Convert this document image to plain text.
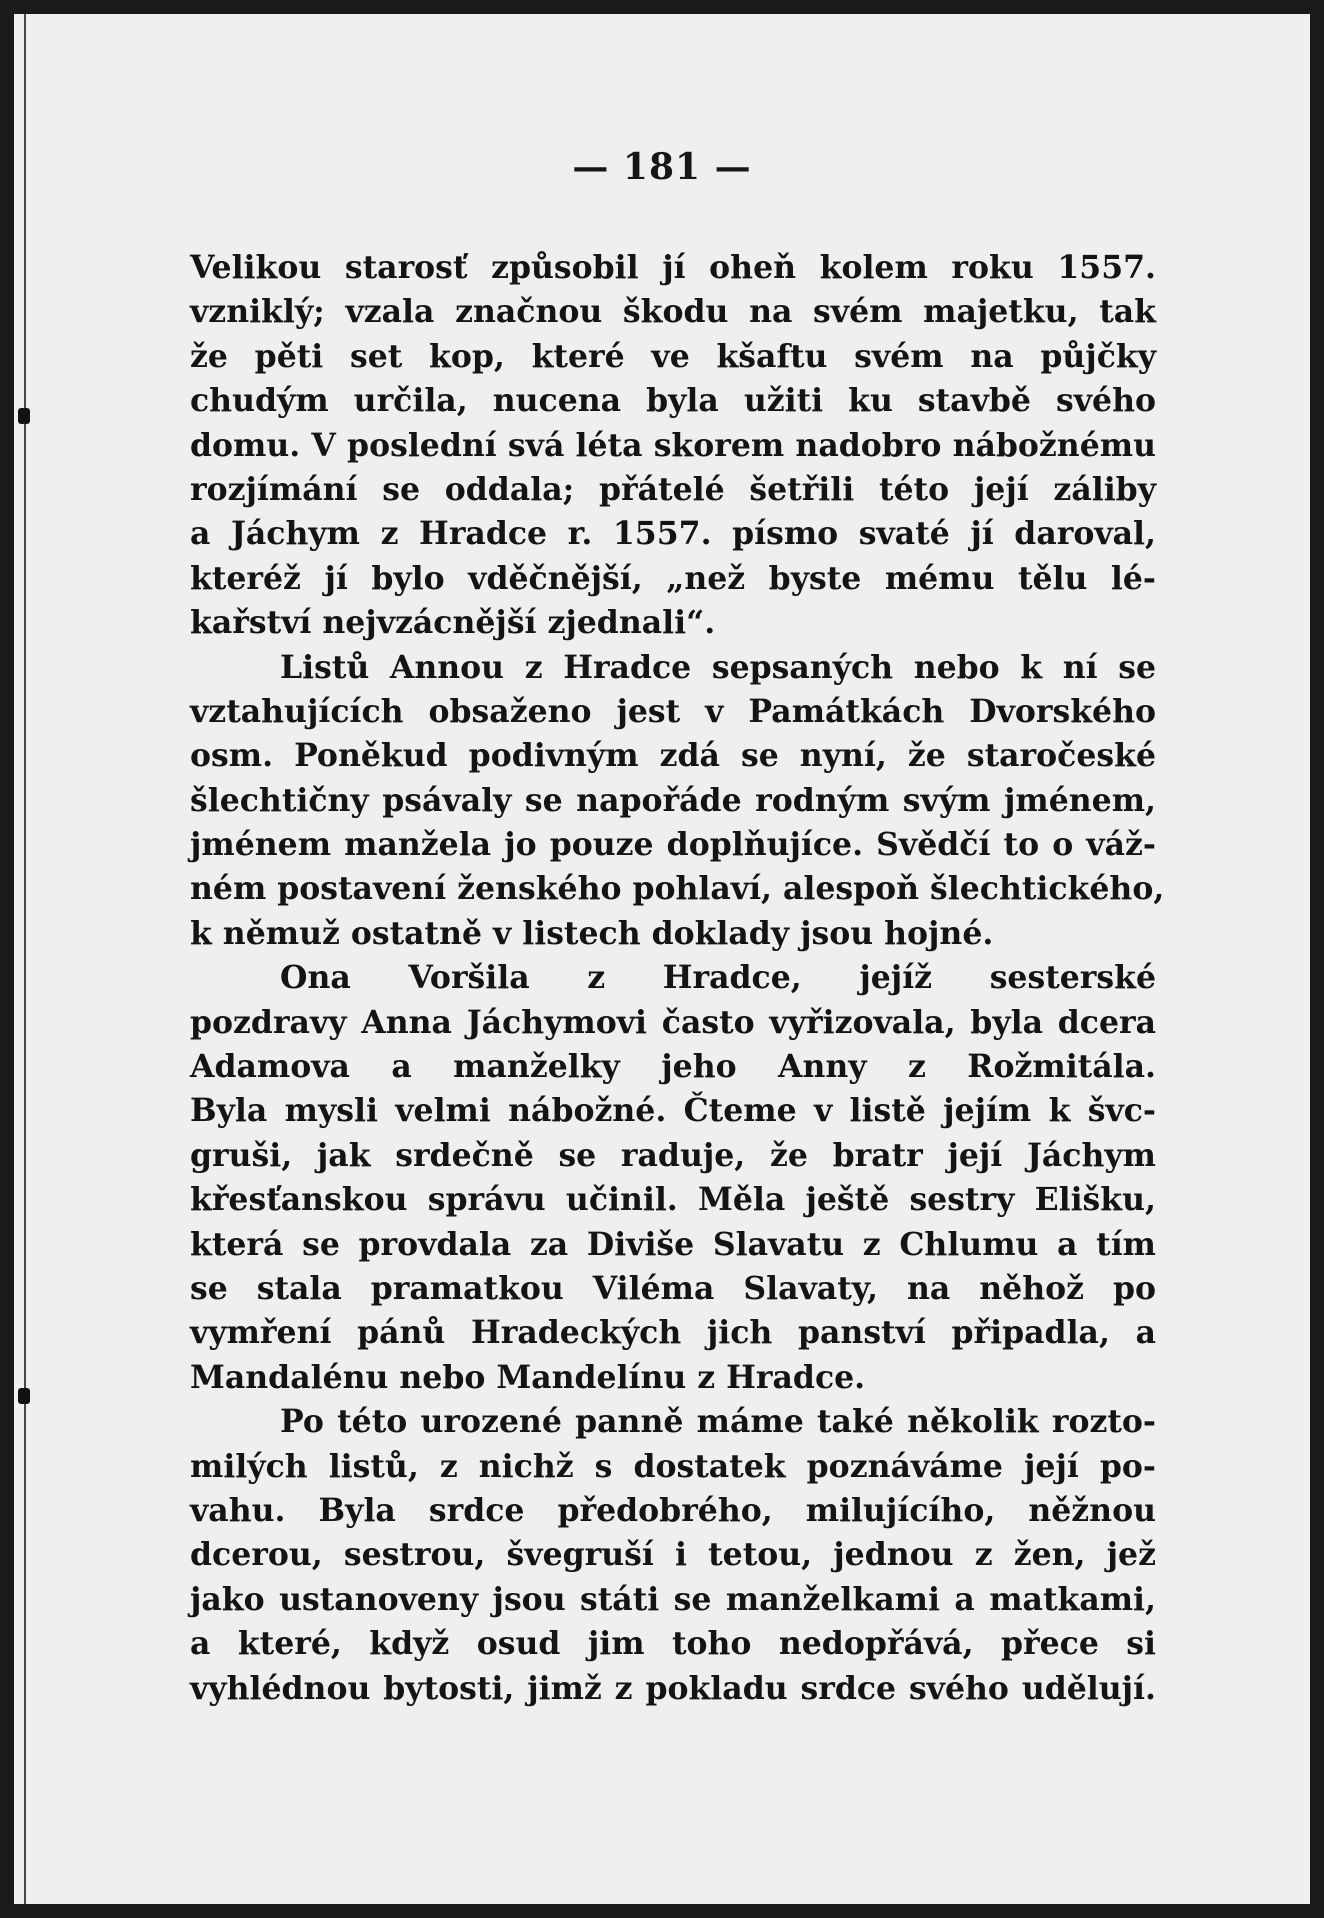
— 181 —
Velikou starosť způsobil jí oheň kolem roku 1557.
vzniklý; vzala značnou škodu na svém majetku, tak
že pěti set kop, které ve kšaftu svém na půjčky
chudým určila, nucena byla užiti ku stavbě svého
domu. V poslední svá léta skorem nadobro nábožnému
rozjímání se oddala; přátelé šetřili této její záliby
a Jáchym z Hradce r. 1557. písmo svaté jí daroval,
kteréž jí bylo vděčnější, „než byste mému tělu lé-
kařství nejvzácnější zjednali“.
Listů Annou z Hradce sepsaných nebo k ní se
vztahujících obsaženo jest v Památkách Dvorského
osm. Poněkud podivným zdá se nyní, že staročeské
šlechtičny psávaly se napořáde rodným svým jménem,
jménem manžela jo pouze doplňujíce. Svědčí to o váž-
ném postavení ženského pohlaví, alespoň šlechtického,
k němuž ostatně v listech doklady jsou hojné.
Ona Voršila z Hradce, jejíž sesterské
pozdravy Anna Jáchymovi často vyřizovala, byla dcera
Adamova a manželky jeho Anny z Rožmitála.
Byla mysli velmi nábožné. Čteme v listě jejím k švc-
gruši, jak srdečně se raduje, že bratr její Jáchym
křesťanskou správu učinil. Měla ještě sestry Elišku,
která se provdala za Diviše Slavatu z Chlumu a tím
se stala pramatkou Viléma Slavaty, na něhož po
vymření pánů Hradeckých jich panství připadla, a
Mandalénu nebo Mandelínu z Hradce.
Po této urozené panně máme také několik rozto-
milých listů, z nichž s dostatek poznáváme její po-
vahu. Byla srdce předobrého, milujícího, něžnou
dcerou, sestrou, švegruší i tetou, jednou z žen, jež
jako ustanoveny jsou státi se manželkami a matkami,
a které, když osud jim toho nedopřává, přece si
vyhlédnou bytosti, jimž z pokladu srdce svého udělují.
